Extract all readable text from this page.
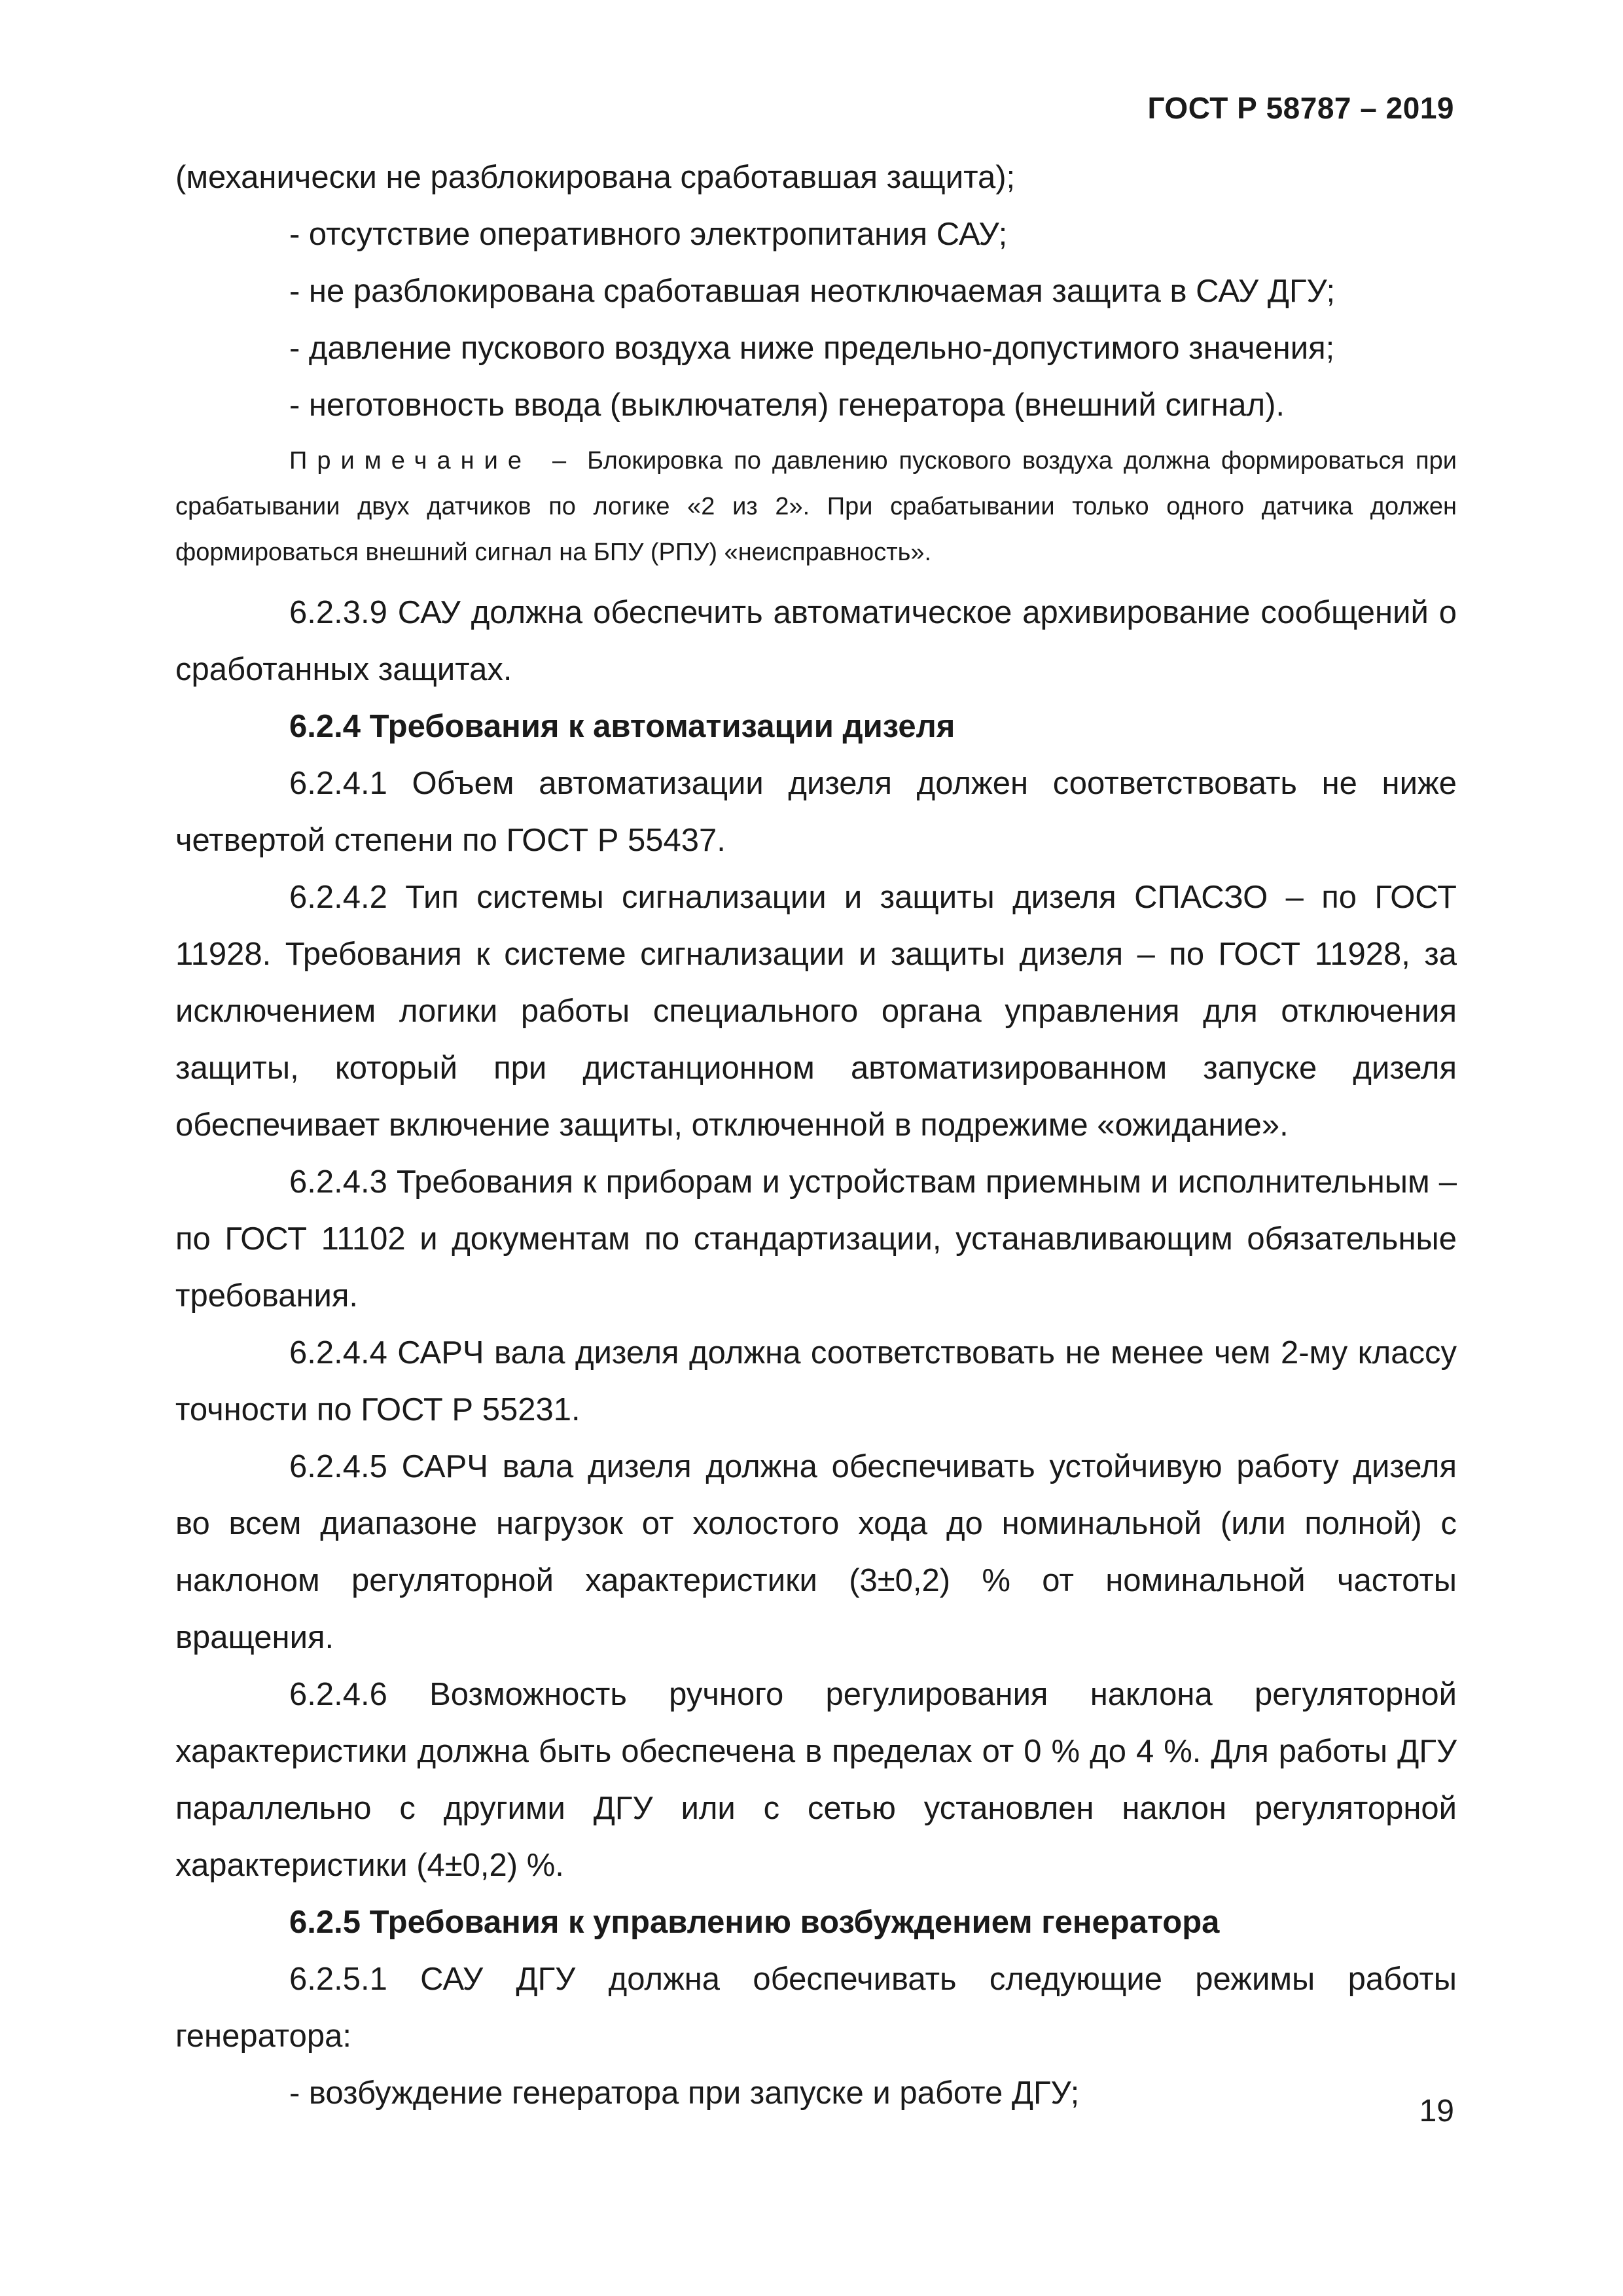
ГОСТ Р 58787 – 2019

(механически не разблокирована сработавшая защита);

- отсутствие оперативного электропитания САУ;

- не разблокирована сработавшая неотключаемая защита в САУ ДГУ;

- давление пускового воздуха ниже предельно-допустимого значения;

- неготовность ввода (выключателя) генератора (внешний сигнал).

Примечание – Блокировка по давлению пускового воздуха должна формироваться при срабатывании двух датчиков по логике «2 из 2». При срабатывании только одного датчика должен формироваться внешний сигнал на БПУ (РПУ) «неисправность».

6.2.3.9 САУ должна обеспечить автоматическое архивирование сообщений о сработанных защитах.

6.2.4 Требования к автоматизации дизеля

6.2.4.1 Объем автоматизации дизеля должен соответствовать не ниже четвертой степени по ГОСТ Р 55437.

6.2.4.2 Тип системы сигнализации и защиты дизеля СПАСЗО – по ГОСТ 11928. Требования к системе сигнализации и защиты дизеля – по ГОСТ 11928, за исключением логики работы специального органа управления для отключения защиты, который при дистанционном автоматизированном запуске дизеля обеспечивает включение защиты, отключенной в подрежиме «ожидание».

6.2.4.3 Требования к приборам и устройствам приемным и исполнительным – по ГОСТ 11102 и документам по стандартизации, устанавливающим обязательные требования.

6.2.4.4 САРЧ вала дизеля должна соответствовать не менее чем 2-му классу точности по ГОСТ Р 55231.

6.2.4.5 САРЧ вала дизеля должна обеспечивать устойчивую работу дизеля во всем диапазоне нагрузок от холостого хода до номинальной (или полной) с наклоном регуляторной характеристики (3±0,2) % от номинальной частоты вращения.

6.2.4.6 Возможность ручного регулирования наклона регуляторной характеристики должна быть обеспечена в пределах от 0 % до 4 %. Для работы ДГУ параллельно с другими ДГУ или с сетью установлен наклон регуляторной характеристики (4±0,2) %.

6.2.5 Требования к управлению возбуждением генератора

6.2.5.1 САУ ДГУ должна обеспечивать следующие режимы работы генератора:

- возбуждение генератора при запуске и работе ДГУ;

19
